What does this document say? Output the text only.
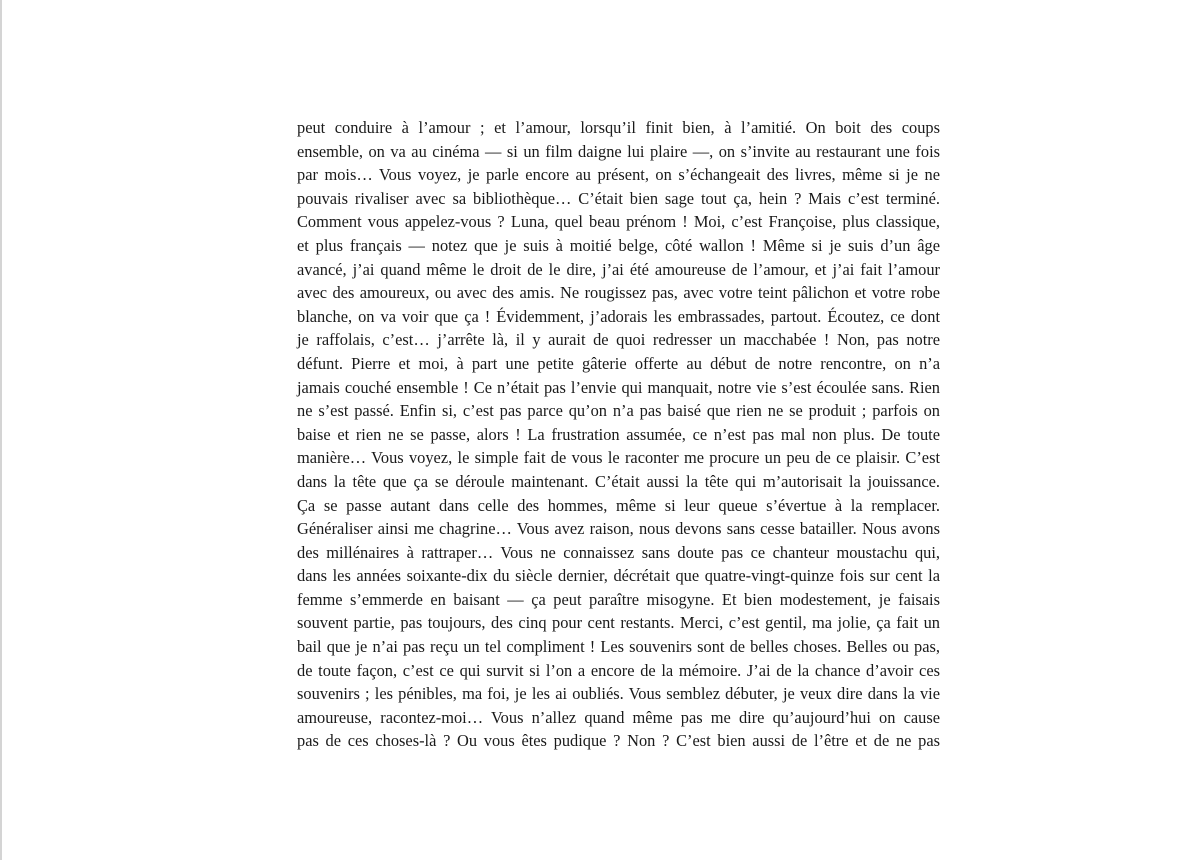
peut conduire à l’amour ; et l’amour, lorsqu’il finit bien, à l’amitié. On boit des coups
ensemble, on va au cinéma — si un film daigne lui plaire —, on s’invite au restaurant une fois
par mois… Vous voyez, je parle encore au présent, on s’échangeait des livres, même si je ne
pouvais rivaliser avec sa bibliothèque… C’était bien sage tout ça, hein ? Mais c’est terminé.
Comment vous appelez-vous ? Luna, quel beau prénom ! Moi, c’est Françoise, plus classique,
et plus français — notez que je suis à moitié belge, côté wallon ! Même si je suis d’un âge
avancé, j’ai quand même le droit de le dire, j’ai été amoureuse de l’amour, et j’ai fait l’amour
avec des amoureux, ou avec des amis. Ne rougissez pas, avec votre teint pâlichon et votre robe
blanche, on va voir que ça ! Évidemment, j’adorais les embrassades, partout. Écoutez, ce dont
je raffolais, c’est… j’arrête là, il y aurait de quoi redresser un macchabée ! Non, pas notre
défunt. Pierre et moi, à part une petite gâterie offerte au début de notre rencontre, on n’a
jamais couché ensemble ! Ce n’était pas l’envie qui manquait, notre vie s’est écoulée sans. Rien
ne s’est passé. Enfin si, c’est pas parce qu’on n’a pas baisé que rien ne se produit ; parfois on
baise et rien ne se passe, alors ! La frustration assumée, ce n’est pas mal non plus. De toute
manière… Vous voyez, le simple fait de vous le raconter me procure un peu de ce plaisir. C’est
dans la tête que ça se déroule maintenant. C’était aussi la tête qui m’autorisait la jouissance.
Ça se passe autant dans celle des hommes, même si leur queue s’évertue à la remplacer.
Généraliser ainsi me chagrine… Vous avez raison, nous devons sans cesse batailler. Nous avons
des millénaires à rattraper… Vous ne connaissez sans doute pas ce chanteur moustachu qui,
dans les années soixante-dix du siècle dernier, décrétait que quatre-vingt-quinze fois sur cent la
femme s’emmerde en baisant — ça peut paraître misogyne. Et bien modestement, je faisais
souvent partie, pas toujours, des cinq pour cent restants. Merci, c’est gentil, ma jolie, ça fait un
bail que je n’ai pas reçu un tel compliment ! Les souvenirs sont de belles choses. Belles ou pas,
de toute façon, c’est ce qui survit si l’on a encore de la mémoire. J’ai de la chance d’avoir ces
souvenirs ; les pénibles, ma foi, je les ai oubliés. Vous semblez débuter, je veux dire dans la vie
amoureuse, racontez-moi… Vous n’allez quand même pas me dire qu’aujourd’hui on cause
pas de ces choses-là ? Ou vous êtes pudique ? Non ? C’est bien aussi de l’être et de ne pas
